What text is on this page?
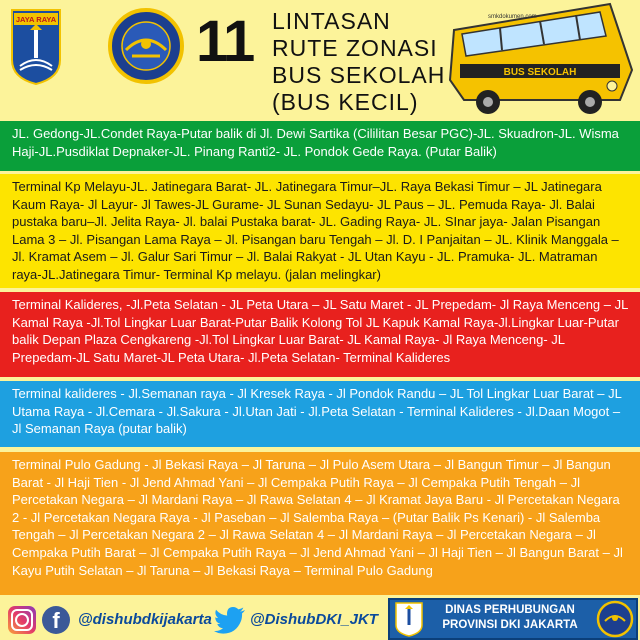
JAYA RAYA 11 LINTASAN
RUTE ZONASI
BUS SEKOLAH
(BUS KECIL)
BUS SEKOLAH
smkdokumen.com
JL. Gedong-JL.Condet Raya-Putar balik di Jl. Dewi Sartika (Cililitan Besar PGC)-JL. Skuadron-JL. Wisma Haji-JL.Pusdiklat Depnaker-JL. Pinang Ranti2- JL. Pondok Gede Raya. (Putar Balik)
Terminal Kp Melayu-JL. Jatinegara Barat- JL. Jatinegara Timur–JL. Raya Bekasi Timur – JL Jatinegara Kaum Raya- Jl Layur- Jl Tawes-JL Gurame- JL Sunan Sedayu- JL Paus – JL. Pemuda Raya- Jl. Balai pustaka baru–Jl. Jelita Raya- Jl. balai Pustaka barat- JL. Gading Raya- JL. SInar jaya- Jalan Pisangan Lama 3 – Jl. Pisangan Lama Raya – Jl. Pisangan baru Tengah – Jl. D. I Panjaitan – JL. Klinik Manggala – Jl. Kramat Asem – Jl. Galur Sari Timur – Jl. Balai Rakyat - JL Utan Kayu - JL. Pramuka- JL. Matraman raya-JL.Jatinegara Timur- Terminal Kp melayu. (jalan melingkar)
Terminal Kalideres, -Jl.Peta Selatan - JL Peta Utara – JL Satu Maret - JL Prepedam- Jl Raya Menceng – JL Kamal Raya -Jl.Tol Lingkar Luar Barat-Putar Balik Kolong Tol JL Kapuk Kamal Raya-Jl.Lingkar Luar-Putar balik Depan Plaza Cengkareng -Jl.Tol Lingkar Luar Barat- JL Kamal Raya- Jl Raya Menceng- JL Prepedam-JL Satu Maret-JL Peta Utara- Jl.Peta Selatan- Terminal Kalideres
Terminal kalideres - Jl.Semanan raya - Jl Kresek Raya - Jl Pondok Randu – JL Tol Lingkar Luar Barat – JL Utama Raya - Jl.Cemara - Jl.Sakura - Jl.Utan Jati - Jl.Peta Selatan - Terminal Kalideres - Jl.Daan Mogot – Jl Semanan Raya (putar balik)
Terminal Pulo Gadung - Jl Bekasi Raya – Jl Taruna – Jl Pulo Asem Utara – Jl Bangun Timur – Jl Bangun Barat - Jl Haji Tien - Jl Jend Ahmad Yani – Jl Cempaka Putih Raya – Jl Cempaka Putih Tengah – Jl Percetakan Negara – Jl Mardani Raya – Jl Rawa Selatan 4 – Jl Kramat Jaya Baru - Jl Percetakan Negara 2 - Jl Percetakan Negara Raya - Jl Paseban – Jl Salemba Raya – (Putar Balik Ps Kenari) - Jl Salemba Tengah – Jl Percetakan Negara 2 – Jl Rawa Selatan 4 – Jl Mardani Raya – Jl Percetakan Negara – Jl Cempaka Putih Barat – Jl Cempaka Putih Raya – Jl Jend Ahmad Yani – Jl Haji Tien – Jl Bangun Barat – Jl Kayu Putih Selatan – Jl Taruna – Jl Bekasi Raya – Terminal Pulo Gadung
f	@dishubdkijakarta	@DishubDKI_JKT
DINAS PERHUBUNGAN
PROVINSI DKI JAKARTA
